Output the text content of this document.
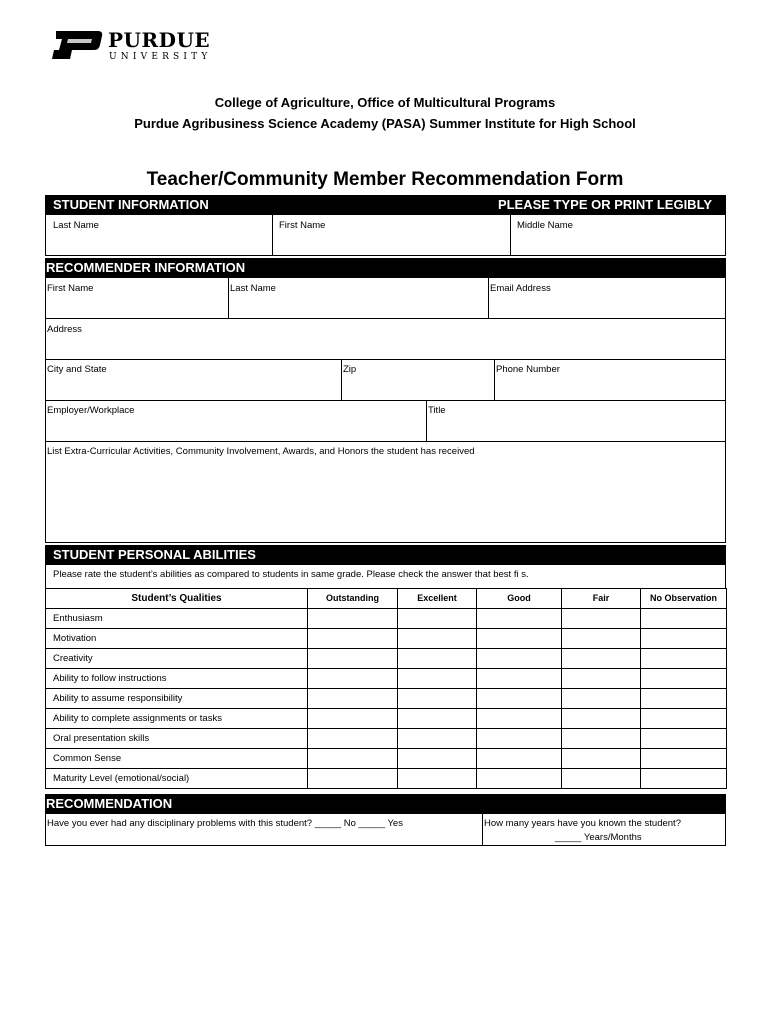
PURDUE
UNIVERSITY
College of Agriculture, Office of Multicultural Programs
Purdue Agribusiness Science Academy (PASA) Summer Institute for High School
Teacher/Community Member Recommendation Form
STUDENT INFORMATION	PLEASE TYPE OR PRINT LEGIBLY
Last Name	First Name	Middle Name
RECOMMENDER INFORMATION
First Name	Last Name	Email Address
Address
City and State	Zip	Phone Number
Employer/Workplace	Title
List Extra-Curricular Activities, Community Involvement, Awards, and Honors the student has received
STUDENT PERSONAL ABILITIES
Please rate the student’s abilities as compared to students in same grade. Please check the answer that best fi s.
Student’s Qualities	Outstanding	Excellent	Good	Fair	No Observation
Enthusiasm					
Motivation					
Creativity					
Ability to follow instructions					
Ability to assume responsibility					
Ability to complete assignments or tasks					
Oral presentation skills					
Common Sense					
Maturity Level (emotional/social)					
RECOMMENDATION
Have you ever had any disciplinary problems with this student? _____ No _____ Yes	How many years have you known the student?
_____ Years/Months
